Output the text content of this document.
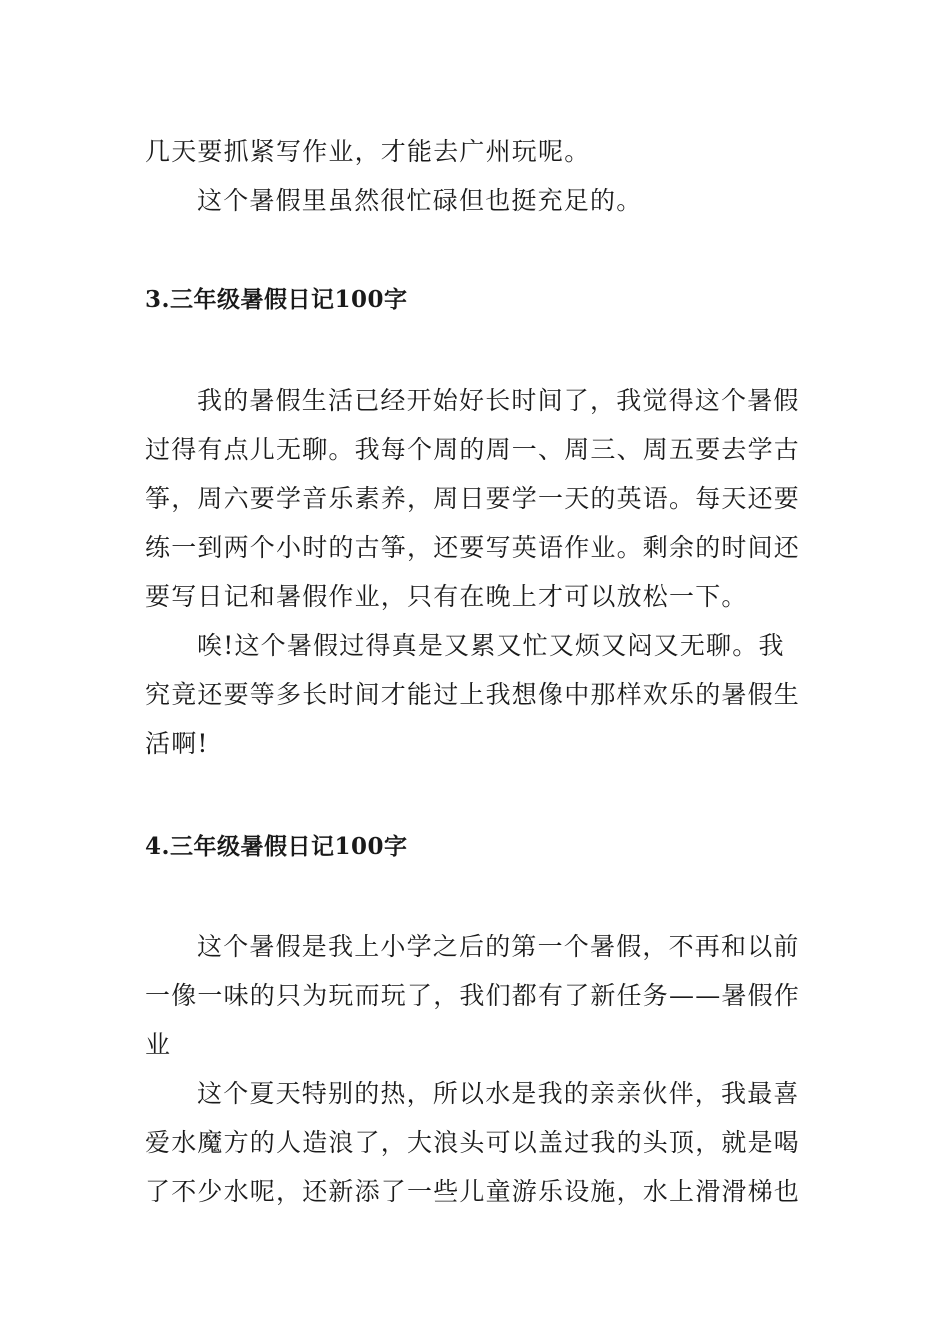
几天要抓紧写作业，才能去广州玩呢。

这个暑假里虽然很忙碌但也挺充足的。

3.三年级暑假日记100字

我的暑假生活已经开始好长时间了，我觉得这个暑假过得有点儿无聊。我每个周的周一、周三、周五要去学古筝，周六要学音乐素养，周日要学一天的英语。每天还要练一到两个小时的古筝，还要写英语作业。剩余的时间还要写日记和暑假作业，只有在晚上才可以放松一下。

唉!这个暑假过得真是又累又忙又烦又闷又无聊。我究竟还要等多长时间才能过上我想像中那样欢乐的暑假生活啊!

4.三年级暑假日记100字

这个暑假是我上小学之后的第一个暑假，不再和以前一像一味的只为玩而玩了，我们都有了新任务——暑假作业

这个夏天特别的热，所以水是我的亲亲伙伴，我最喜爱水魔方的人造浪了，大浪头可以盖过我的头顶，就是喝了不少水呢，还新添了一些儿童游乐设施，水上滑滑梯也
